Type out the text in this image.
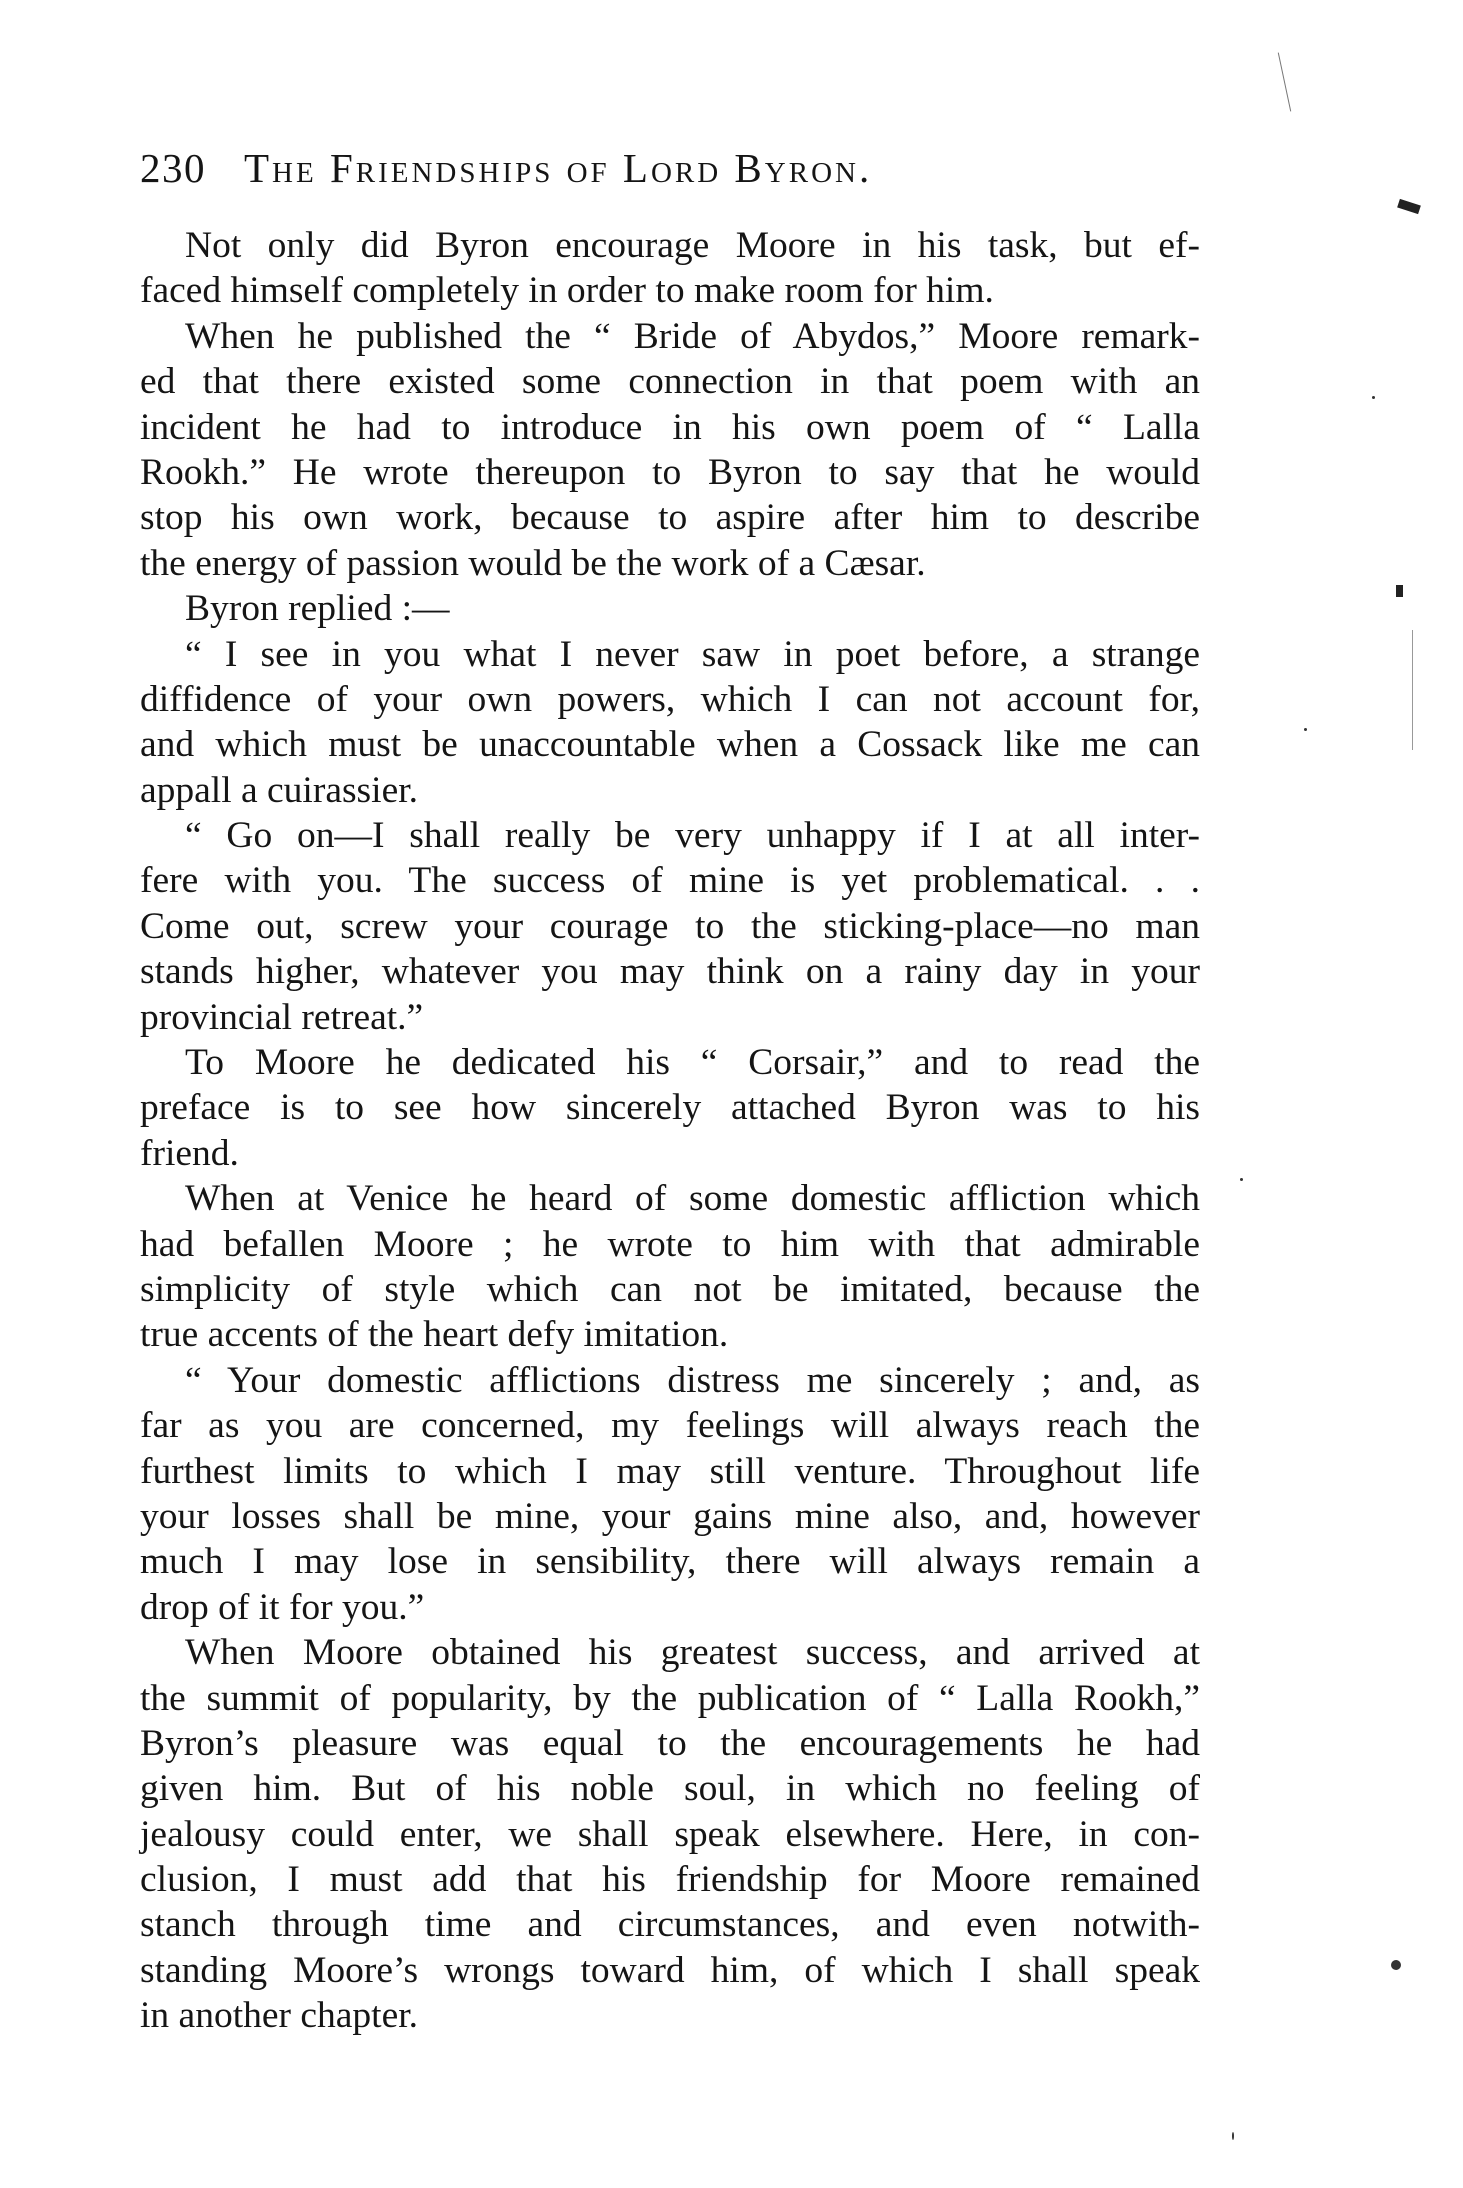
230 The Friendships of Lord Byron.
Not only did Byron encourage Moore in his task, but ef-
faced himself completely in order to make room for him.
When he published the “ Bride of Abydos,” Moore remark-
ed that there existed some connection in that poem with an
incident he had to introduce in his own poem of “ Lalla
Rookh.” He wrote thereupon to Byron to say that he would
stop his own work, because to aspire after him to describe
the energy of passion would be the work of a Cæsar.
Byron replied :—
“ I see in you what I never saw in poet before, a strange
diffidence of your own powers, which I can not account for,
and which must be unaccountable when a Cossack like me can
appall a cuirassier.
“ Go on—I shall really be very unhappy if I at all inter-
fere with you. The success of mine is yet problematical. . .
Come out, screw your courage to the sticking-place—no man
stands higher, whatever you may think on a rainy day in your
provincial retreat.”
To Moore he dedicated his “ Corsair,” and to read the
preface is to see how sincerely attached Byron was to his
friend.
When at Venice he heard of some domestic affliction which
had befallen Moore ; he wrote to him with that admirable
simplicity of style which can not be imitated, because the
true accents of the heart defy imitation.
“ Your domestic afflictions distress me sincerely ; and, as
far as you are concerned, my feelings will always reach the
furthest limits to which I may still venture. Throughout life
your losses shall be mine, your gains mine also, and, however
much I may lose in sensibility, there will always remain a
drop of it for you.”
When Moore obtained his greatest success, and arrived at
the summit of popularity, by the publication of “ Lalla Rookh,”
Byron’s pleasure was equal to the encouragements he had
given him. But of his noble soul, in which no feeling of
jealousy could enter, we shall speak elsewhere. Here, in con-
clusion, I must add that his friendship for Moore remained
stanch through time and circumstances, and even notwith-
standing Moore’s wrongs toward him, of which I shall speak
in another chapter.
